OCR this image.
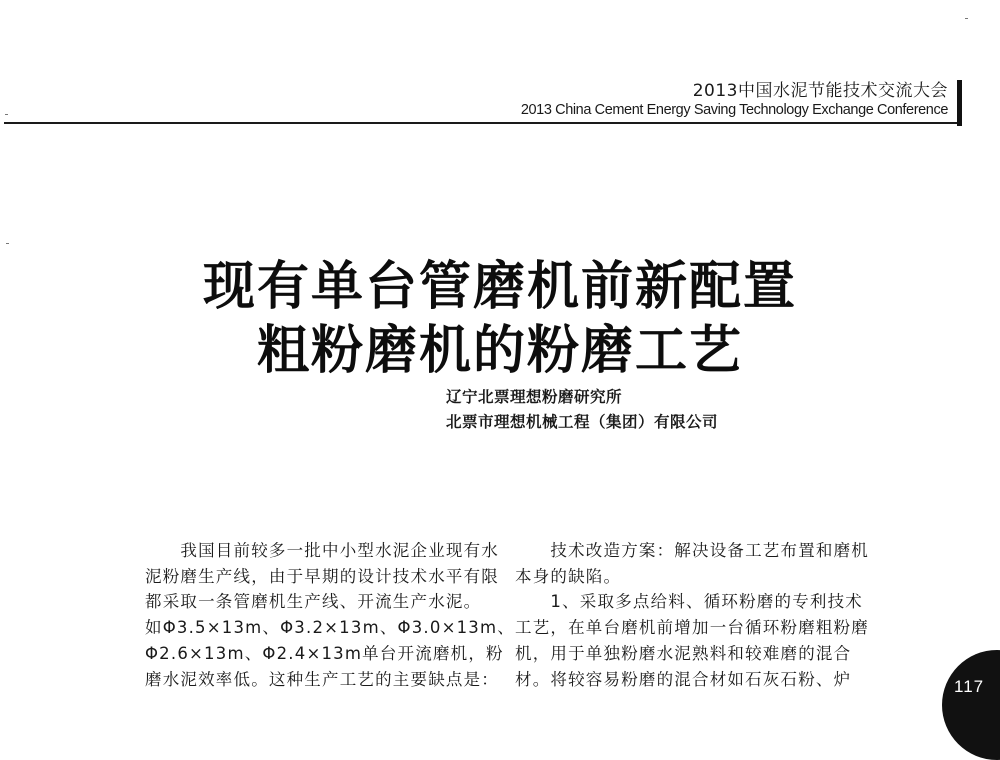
2013中国水泥节能技术交流大会
2013 China Cement Energy Saving Technology Exchange Conference
现有单台管磨机前新配置
粗粉磨机的粉磨工艺
辽宁北票理想粉磨研究所
北票市理想机械工程（集团）有限公司
　　我国目前较多一批中小型水泥企业现有水
泥粉磨生产线，由于早期的设计技术水平有限
都采取一条管磨机生产线、开流生产水泥。
如Φ3.5×13m、Φ3.2×13m、Φ3.0×13m、
Φ2.6×13m、Φ2.4×13m单台开流磨机，粉
磨水泥效率低。这种生产工艺的主要缺点是：
　　技术改造方案：解决设备工艺布置和磨机
本身的缺陷。
　　1、采取多点给料、循环粉磨的专利技术
工艺，在单台磨机前增加一台循环粉磨粗粉磨
机，用于单独粉磨水泥熟料和较难磨的混合
材。将较容易粉磨的混合材如石灰石粉、炉	117
